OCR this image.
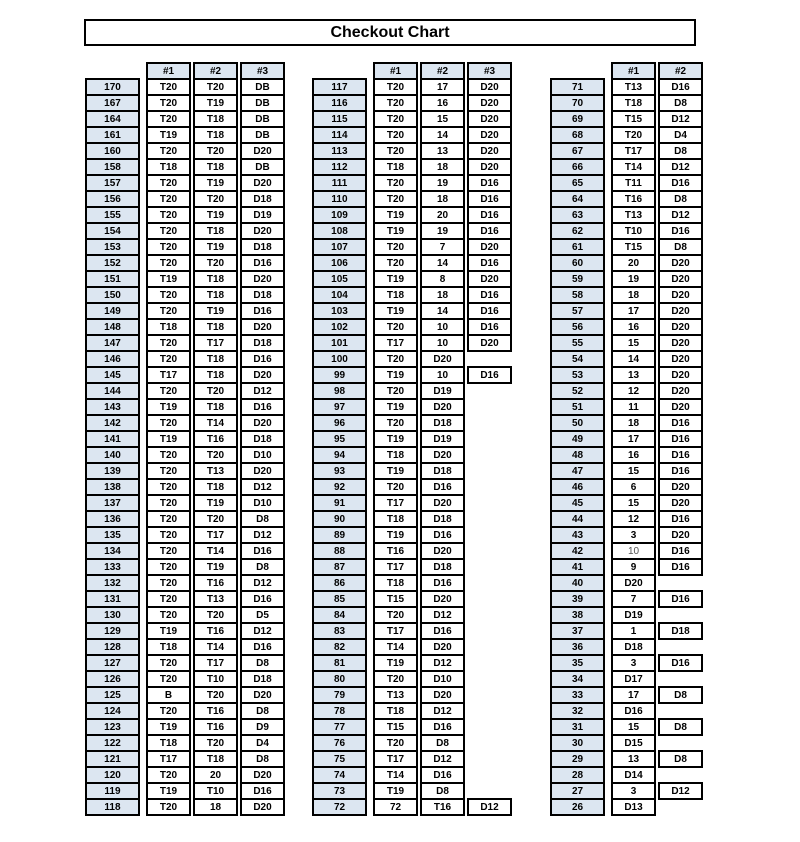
Checkout Chart
#1	#2	#3
170	T20	T20	DB
167	T20	T19	DB
164	T20	T18	DB
161	T19	T18	DB
160	T20	T20	D20
158	T18	T18	DB
157	T20	T19	D20
156	T20	T20	D18
155	T20	T19	D19
154	T20	T18	D20
153	T20	T19	D18
152	T20	T20	D16
151	T19	T18	D20
150	T20	T18	D18
149	T20	T19	D16
148	T18	T18	D20
147	T20	T17	D18
146	T20	T18	D16
145	T17	T18	D20
144	T20	T20	D12
143	T19	T18	D16
142	T20	T14	D20
141	T19	T16	D18
140	T20	T20	D10
139	T20	T13	D20
138	T20	T18	D12
137	T20	T19	D10
136	T20	T20	D8
135	T20	T17	D12
134	T20	T14	D16
133	T20	T19	D8
132	T20	T16	D12
131	T20	T13	D16
130	T20	T20	D5
129	T19	T16	D12
128	T18	T14	D16
127	T20	T17	D8
126	T20	T10	D18
125	B	T20	D20
124	T20	T16	D8
123	T19	T16	D9
122	T18	T20	D4
121	T17	T18	D8
120	T20	20	D20
119	T19	T10	D16
118	T20	18	D20
#1	#2	#3
117	T20	17	D20
116	T20	16	D20
115	T20	15	D20
114	T20	14	D20
113	T20	13	D20
112	T18	18	D20
111	T20	19	D16
110	T20	18	D16
109	T19	20	D16
108	T19	19	D16
107	T20	7	D20
106	T20	14	D16
105	T19	8	D20
104	T18	18	D16
103	T19	14	D16
102	T20	10	D16
101	T17	10	D20
100	T20	D20
99	T19	10	D16
98	T20	D19
97	T19	D20
96	T20	D18
95	T19	D19
94	T18	D20
93	T19	D18
92	T20	D16
91	T17	D20
90	T18	D18
89	T19	D16
88	T16	D20
87	T17	D18
86	T18	D16
85	T15	D20
84	T20	D12
83	T17	D16
82	T14	D20
81	T19	D12
80	T20	D10
79	T13	D20
78	T18	D12
77	T15	D16
76	T20	D8
75	T17	D12
74	T14	D16
73	T19	D8
72	72	T16	D12
#1	#2
71	T13	D16
70	T18	D8
69	T15	D12
68	T20	D4
67	T17	D8
66	T14	D12
65	T11	D16
64	T16	D8
63	T13	D12
62	T10	D16
61	T15	D8
60	20	D20
59	19	D20
58	18	D20
57	17	D20
56	16	D20
55	15	D20
54	14	D20
53	13	D20
52	12	D20
51	11	D20
50	18	D16
49	17	D16
48	16	D16
47	15	D16
46	6	D20
45	15	D20
44	12	D16
43	3	D20
42	10	D16
41	9	D16
40	D20
39	7	D16
38	D19
37	1	D18
36	D18
35	3	D16
34	D17
33	17	D8
32	D16
31	15	D8
30	D15
29	13	D8
28	D14
27	3	D12
26	D13
